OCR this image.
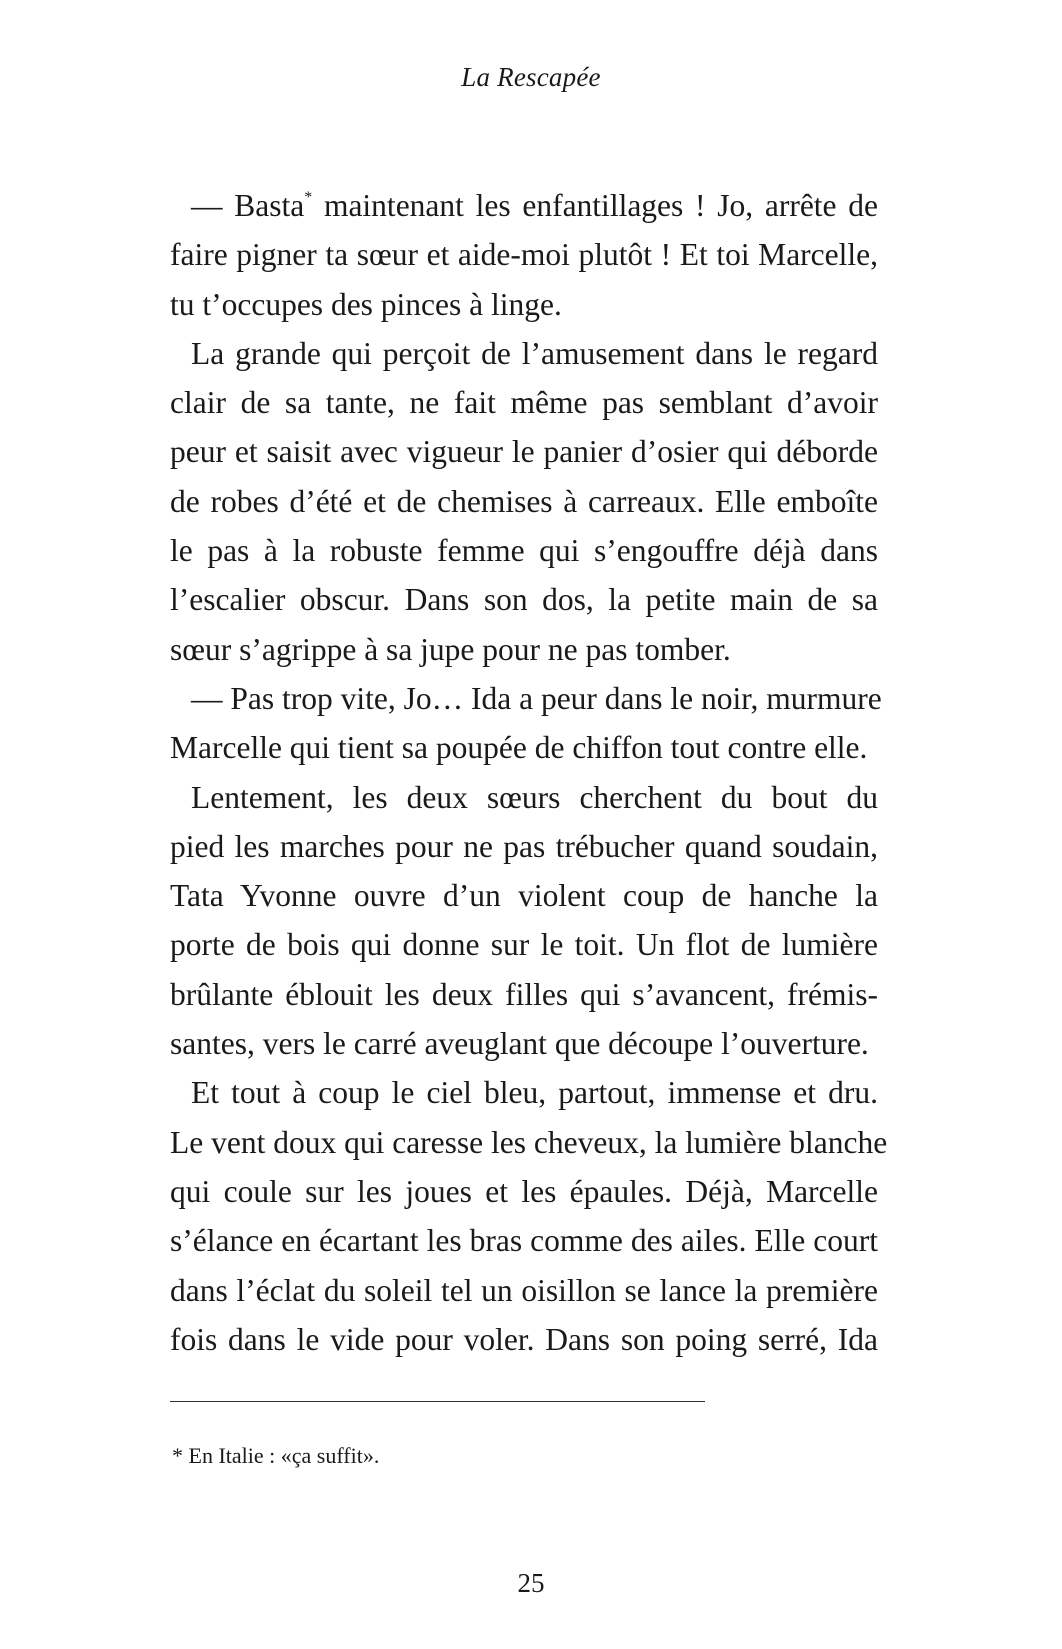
La Rescapée
— Basta* maintenant les enfantillages ! Jo, arrête de
faire pigner ta sœur et aide-moi plutôt ! Et toi Marcelle,
tu t’occupes des pinces à linge.
La grande qui perçoit de l’amusement dans le regard
clair de sa tante, ne fait même pas semblant d’avoir
peur et saisit avec vigueur le panier d’osier qui déborde
de robes d’été et de chemises à carreaux. Elle emboîte
le pas à la robuste femme qui s’engouffre déjà dans
l’escalier obscur. Dans son dos, la petite main de sa
sœur s’agrippe à sa jupe pour ne pas tomber.
— Pas trop vite, Jo… Ida a peur dans le noir, murmure
Marcelle qui tient sa poupée de chiffon tout contre elle.
Lentement, les deux sœurs cherchent du bout du
pied les marches pour ne pas trébucher quand soudain,
Tata Yvonne ouvre d’un violent coup de hanche la
porte de bois qui donne sur le toit. Un flot de lumière
brûlante éblouit les deux filles qui s’avancent, frémis-
santes, vers le carré aveuglant que découpe l’ouverture.
Et tout à coup le ciel bleu, partout, immense et dru.
Le vent doux qui caresse les cheveux, la lumière blanche
qui coule sur les joues et les épaules. Déjà, Marcelle
s’élance en écartant les bras comme des ailes. Elle court
dans l’éclat du soleil tel un oisillon se lance la première
fois dans le vide pour voler. Dans son poing serré, Ida
* En Italie : «ça suffit».
25
